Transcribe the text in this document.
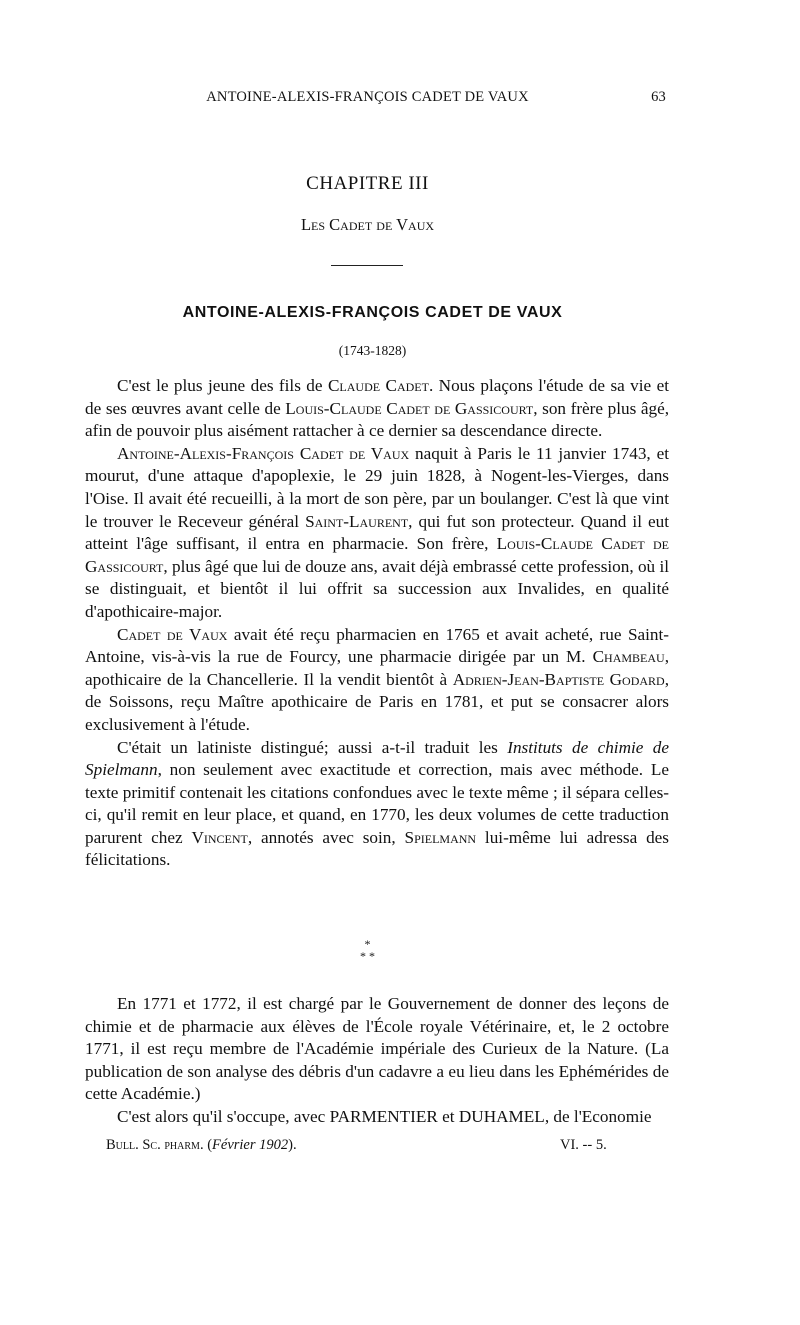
ANTOINE-ALEXIS-FRANÇOIS CADET DE VAUX	63
CHAPITRE III
Les Cadet de Vaux
ANTOINE-ALEXIS-FRANÇOIS CADET DE VAUX
(1743-1828)

C'est le plus jeune des fils de Claude Cadet. Nous plaçons l'étude de sa vie et de ses œuvres avant celle de Louis-Claude Cadet de Gassicourt, son frère plus âgé, afin de pouvoir plus aisément rattacher à ce dernier sa descendance directe.

Antoine-Alexis-François Cadet de Vaux naquit à Paris le 11 janvier 1743, et mourut, d'une attaque d'apoplexie, le 29 juin 1828, à Nogent-les-Vierges, dans l'Oise. Il avait été recueilli, à la mort de son père, par un boulanger. C'est là que vint le trouver le Receveur général Saint-Laurent, qui fut son protecteur. Quand il eut atteint l'âge suffisant, il entra en pharmacie. Son frère, Louis-Claude Cadet de Gassicourt, plus âgé que lui de douze ans, avait déjà embrassé cette profession, où il se distinguait, et bientôt il lui offrit sa succession aux Invalides, en qualité d'apothicaire-major.

Cadet de Vaux avait été reçu pharmacien en 1765 et avait acheté, rue Saint-Antoine, vis-à-vis la rue de Fourcy, une pharmacie dirigée par un M. Chambeau, apothicaire de la Chancellerie. Il la vendit bientôt à Adrien-Jean-Baptiste Godard, de Soissons, reçu Maître apothicaire de Paris en 1781, et put se consacrer alors exclusivement à l'étude.

C'était un latiniste distingué; aussi a-t-il traduit les Instituts de chimie de Spielmann, non seulement avec exactitude et correction, mais avec méthode. Le texte primitif contenait les citations confondues avec le texte même ; il sépara celles-ci, qu'il remit en leur place, et quand, en 1770, les deux volumes de cette traduction parurent chez Vincent, annotés avec soin, Spielmann lui-même lui adressa des félicitations.

*
* *

En 1771 et 1772, il est chargé par le Gouvernement de donner des leçons de chimie et de pharmacie aux élèves de l'École royale Vétérinaire, et, le 2 octobre 1771, il est reçu membre de l'Académie impériale des Curieux de la Nature. (La publication de son analyse des débris d'un cadavre a eu lieu dans les Ephémérides de cette Académie.)

C'est alors qu'il s'occupe, avec PARMENTIER et DUHAMEL, de l'Economie

Bull. Sc. pharm. (Février 1902).	VI. -- 5.
